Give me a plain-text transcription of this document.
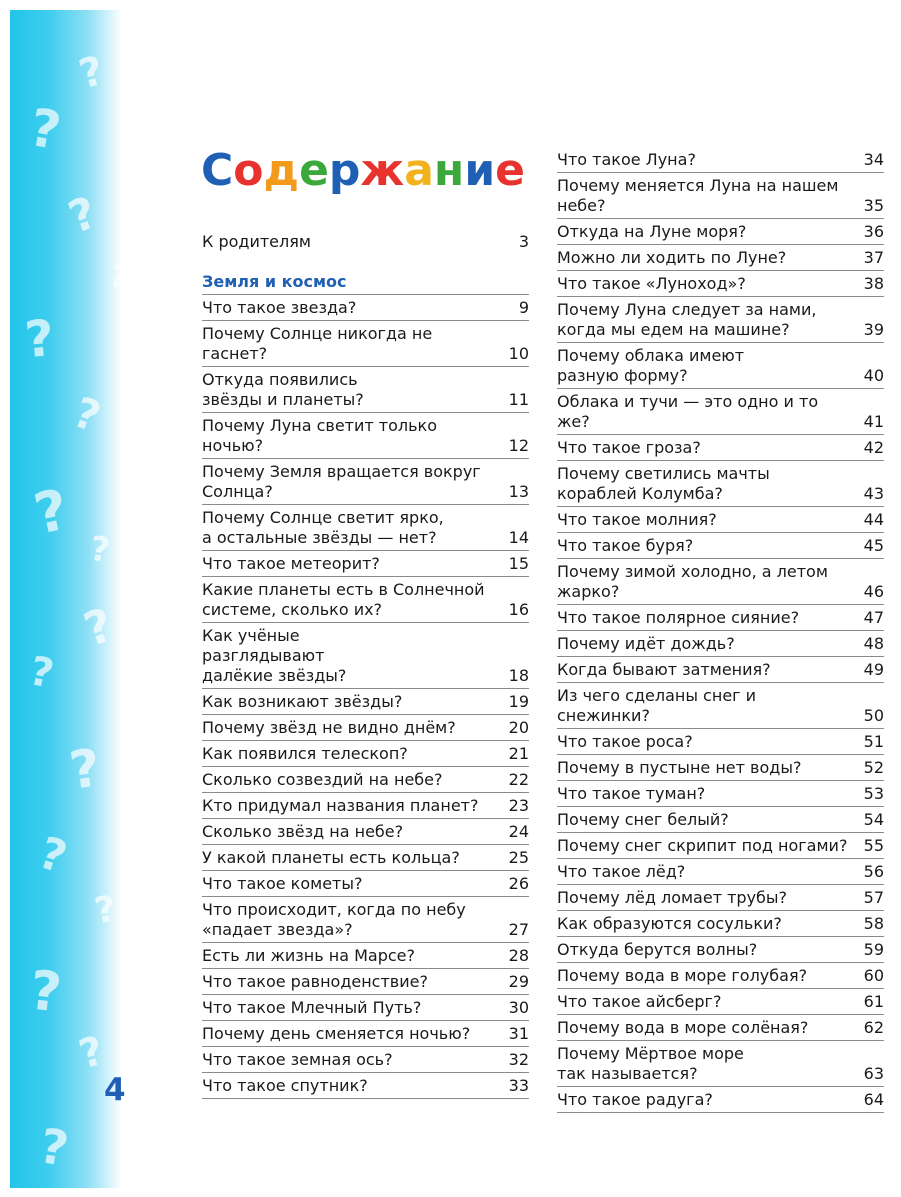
?
?
?
?
?
?
?
?
?
?
?
?
?
?
?
?
4
Содержание
К родителям	3
Земля и космос
Что такое звезда?	9
Почему Солнце никогда не гаснет?	10
Откуда появились
звёзды и планеты?	11
Почему Луна светит только ночью?	12
Почему Земля вращается вокруг
Солнца?	13
Почему Солнце светит ярко,
а остальные звёзды — нет?	14
Что такое метеорит?	15
Какие планеты есть в Солнечной
системе, сколько их?	16
Как учёные
разглядывают
далёкие звёзды?	18
Как возникают звёзды?	19
Почему звёзд не видно днём?	20
Как появился телескоп?	21
Сколько созвездий на небе?	22
Кто придумал названия планет?	23
Сколько звёзд на небе?	24
У какой планеты есть кольца?	25
Что такое кометы?	26
Что происходит, когда по небу
«падает звезда»?	27
Есть ли жизнь на Марсе?	28
Что такое равноденствие?	29
Что такое Млечный Путь?	30
Почему день сменяется ночью?	31
Что такое земная ось?	32
Что такое спутник?	33
Что такое Луна?	34
Почему меняется Луна на нашем
небе?	35
Откуда на Луне моря?	36
Можно ли ходить по Луне?	37
Что такое «Луноход»?	38
Почему Луна следует за нами,
когда мы едем на машине?	39
Почему облака имеют
разную форму?	40
Облака и тучи — это одно и то же?	41
Что такое гроза?	42
Почему светились мачты
кораблей Колумба?	43
Что такое молния?	44
Что такое буря?	45
Почему зимой холодно, а летом
жарко?	46
Что такое полярное сияние?	47
Почему идёт дождь?	48
Когда бывают затмения?	49
Из чего сделаны снег и снежинки?	50
Что такое роса?	51
Почему в пустыне нет воды?	52
Что такое туман?	53
Почему снег белый?	54
Почему снег скрипит под ногами? 55
Что такое лёд?	56
Почему лёд ломает трубы?	57
Как образуются сосульки?	58
Откуда берутся волны?	59
Почему вода в море голубая?	60
Что такое айсберг?	61
Почему вода в море солёная?	62
Почему Мёртвое море
так называется?	63
Что такое радуга?	64
